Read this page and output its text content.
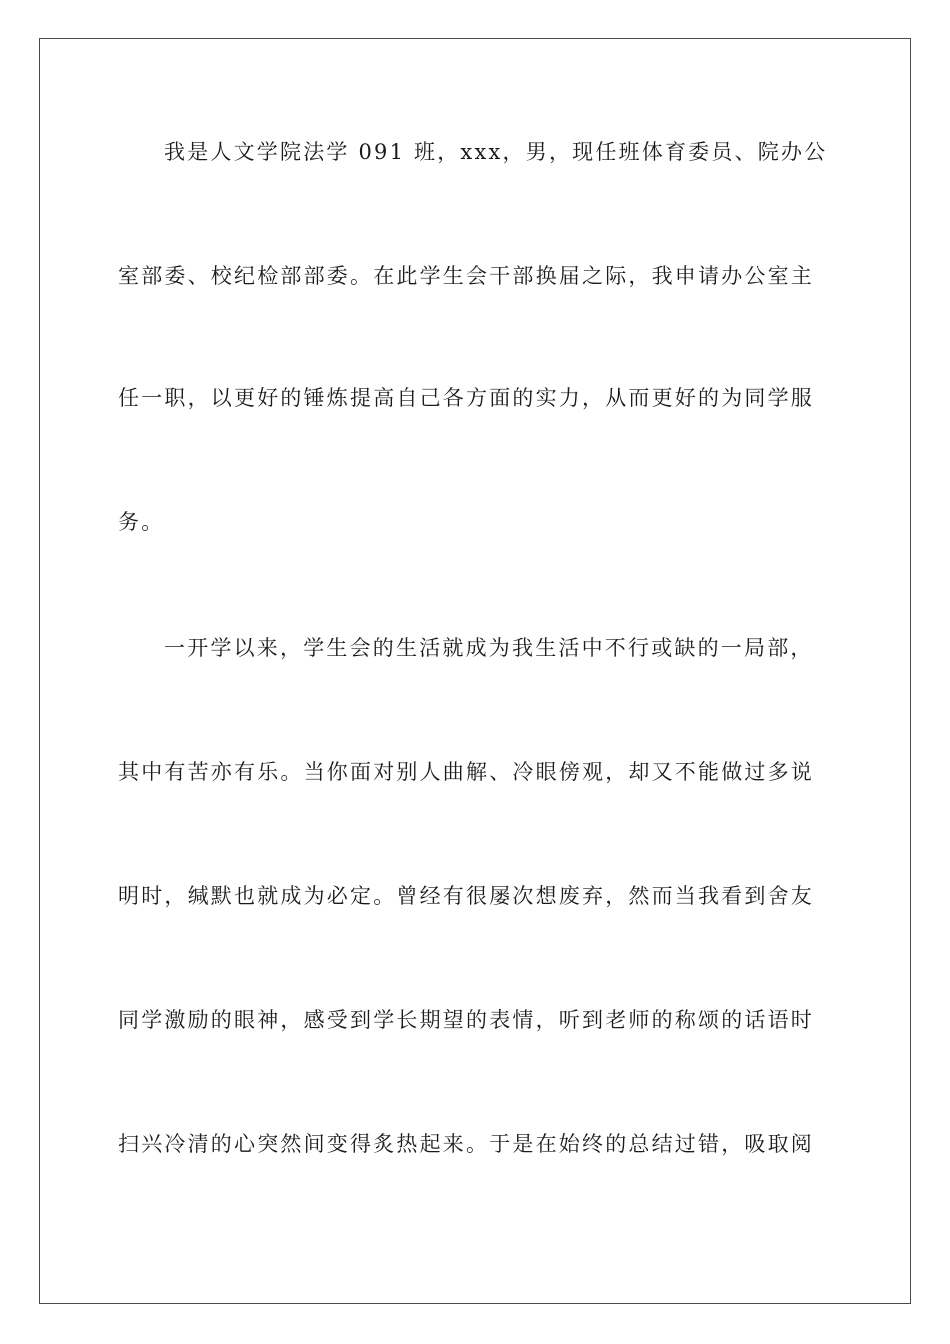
我是人文学院法学 091 班，xxx，男，现任班体育委员、院办公
室部委、校纪检部部委。在此学生会干部换届之际，我申请办公室主
任一职，以更好的锤炼提高自己各方面的实力，从而更好的为同学服
务。
一开学以来，学生会的生活就成为我生活中不行或缺的一局部，
其中有苦亦有乐。当你面对别人曲解、冷眼傍观，却又不能做过多说
明时，缄默也就成为必定。曾经有很屡次想废弃，然而当我看到舍友
同学激励的眼神，感受到学长期望的表情，听到老师的称颂的话语时
扫兴冷清的心突然间变得炙热起来。于是在始终的总结过错，吸取阅
